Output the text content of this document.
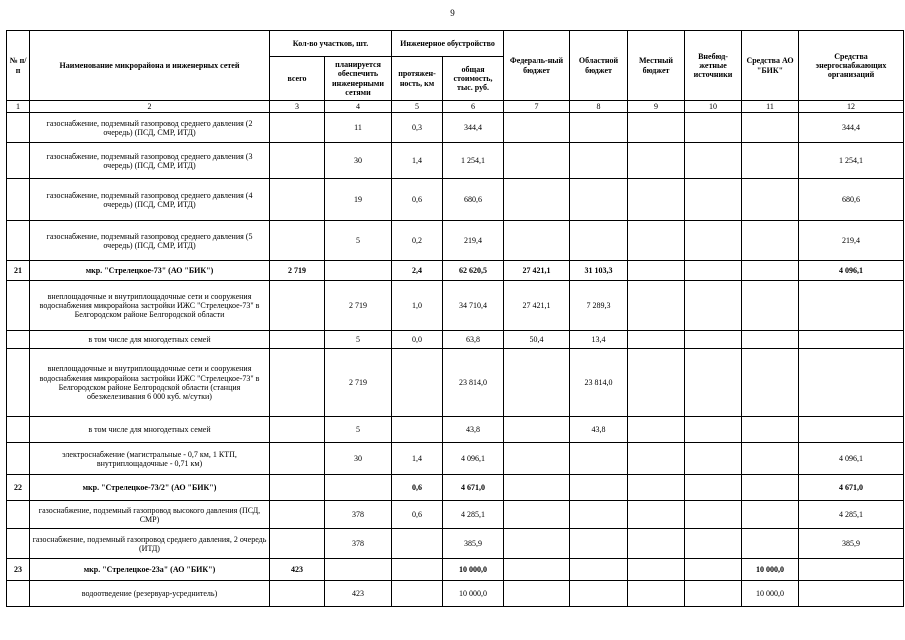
9
№ п/п	Наименование микрорайона и инженерных сетей	Кол-во участков, шт.		Инженерное обустройство		Федераль-ный бюджет	Областной бюджет	Местный бюджет	Внебюд-жетные источники	Средства АО "БИК"	Средства энергоснабжающих организаций
		всего	планируется обеспечить инженерными сетями	протяжен-ность, км	общая стоимость, тыс. руб.						
1	2	3	4	5	6	7	8	9	10	11	12
	газоснабжение, подземный газопровод среднего давления (2 очередь) (ПСД, СМР, ИТД)		11	0,3	344,4						344,4
	газоснабжение, подземный газопровод среднего давления (3 очередь) (ПСД, СМР, ИТД)		30	1,4	1 254,1						1 254,1
	газоснабжение, подземный газопровод среднего давления (4 очередь) (ПСД, СМР, ИТД)		19	0,6	680,6						680,6
	газоснабжение, подземный газопровод среднего давления (5 очередь) (ПСД, СМР, ИТД)		5	0,2	219,4						219,4
21	мкр. "Стрелецкое-73" (АО "БИК")	2 719		2,4	62 620,5	27 421,1	31 103,3				4 096,1
	внеплощадочные и внутриплощадочные сети и сооружения водоснабжения микрорайона застройки ИЖС "Стрелецкое-73" в Белгородском районе Белгородской области		2 719	1,0	34 710,4	27 421,1	7 289,3				
	в том числе для многодетных семей		5	0,0	63,8	50,4	13,4				
	внеплощадочные и внутриплощадочные сети и сооружения водоснабжения микрорайона застройки ИЖС "Стрелецкое-73" в Белгородском районе Белгородской области (станция обезжелезивания 6 000 куб. м/сутки)		2 719		23 814,0		23 814,0				
	в том числе для многодетных семей		5		43,8		43,8				
	электроснабжение (магистральные - 0,7 км, 1 КТП, внутриплощадочные - 0,71 км)		30	1,4	4 096,1						4 096,1
22	мкр. "Стрелецкое-73/2" (АО "БИК")			0,6	4 671,0						4 671,0
	газоснабжение, подземный газопровод высокого давления (ПСД, СМР)		378	0,6	4 285,1						4 285,1
	газоснабжение, подземный газопровод среднего давления, 2 очередь (ИТД)		378		385,9						385,9
23	мкр. "Стрелецкое-23а" (АО "БИК")	423			10 000,0					10 000,0	
	водоотведение (резервуар-усреднитель)		423		10 000,0					10 000,0	
